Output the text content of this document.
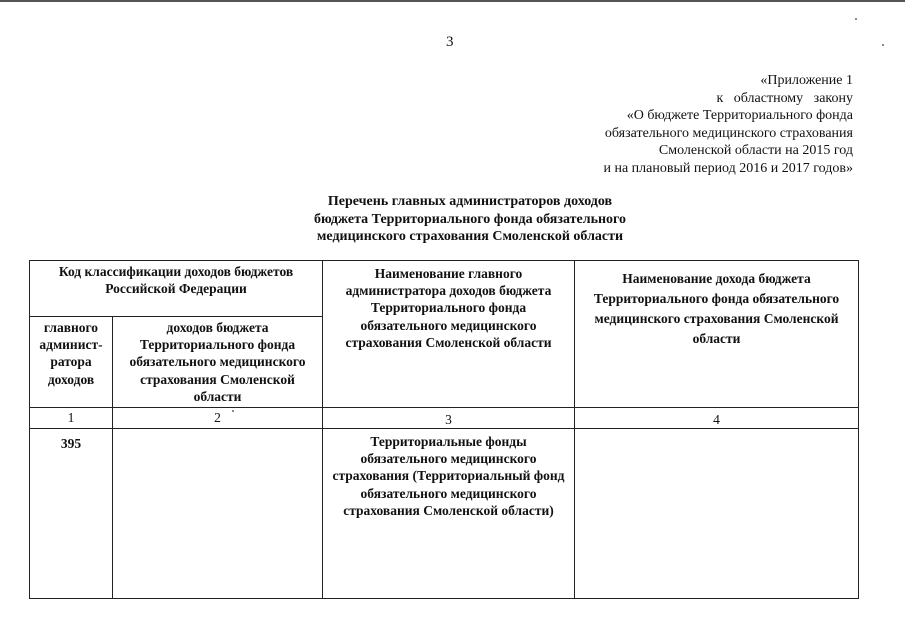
3
«Приложение 1
к   областному   закону
«О бюджете Территориального фонда
обязательного медицинского страхования
Смоленской области на 2015 год
и на плановый период 2016 и 2017 годов»
Перечень главных администраторов доходов
бюджета Территориального фонда обязательного
медицинского страхования Смоленской области
Код классификации доходов бюджетов Российской Федерации		Наименование главного администратора доходов бюджета Территориального фонда обязательного медицинского страхования Смоленской области	Наименование дохода бюджета Территориального фонда обязательного медицинского страхования Смоленской области
главного админист-ратора доходов	доходов бюджета Территориального фонда обязательного медицинского страхования Смоленской области		
1	2	3	4

395		Территориальные фонды обязательного медицинского страхования (Территориальный фонд обязательного медицинского страхования Смоленской области)	
